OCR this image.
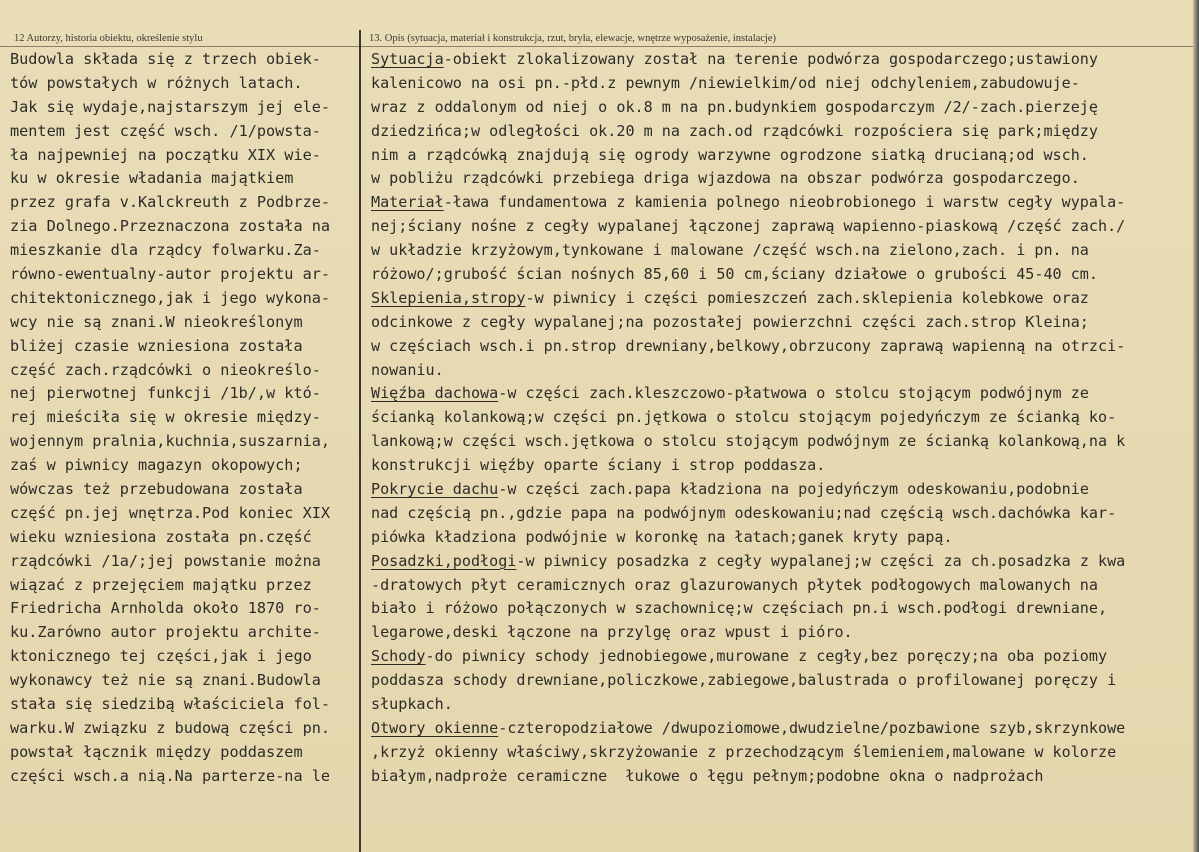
12 Autorzy, historia obiektu, określenie stylu	13. Opis (sytuacja, materiał i konstrukcja, rzut, bryła, elewacje, wnętrze wyposażenie, instalacje)
Budowla składa się z trzech obiek-
tów powstałych w różnych latach.
Jak się wydaje,najstarszym jej ele-
mentem jest część wsch. /1/powsta-
ła najpewniej na początku XIX wie-
ku w okresie władania majątkiem
przez grafa v.Kalckreuth z Podbrze-
zia Dolnego.Przeznaczona została na
mieszkanie dla rządcy folwarku.Za-
równo-ewentualny-autor projektu ar-
chitektonicznego,jak i jego wykona-
wcy nie są znani.W nieokreślonym
bliżej czasie wzniesiona została
część zach.rządcówki o nieokreślo-
nej pierwotnej funkcji /1b/,w któ-
rej mieściła się w okresie między-
wojennym pralnia,kuchnia,suszarnia,
zaś w piwnicy magazyn okopowych;
wówczas też przebudowana została
część pn.jej wnętrza.Pod koniec XIX
wieku wzniesiona została pn.część
rządcówki /1a/;jej powstanie można
wiązać z przejęciem majątku przez
Friedricha Arnholda około 1870 ro-
ku.Zarówno autor projektu archite-
ktonicznego tej części,jak i jego
wykonawcy też nie są znani.Budowla
stała się siedzibą właściciela fol-
warku.W związku z budową części pn.
powstał łącznik między poddaszem
części wsch.a nią.Na parterze-na le
Sytuacja-obiekt zlokalizowany został na terenie podwórza gospodarczego;ustawiony
kalenicowo na osi pn.-płd.z pewnym /niewielkim/od niej odchyleniem,zabudowuje-
wraz z oddalonym od niej o ok.8 m na pn.budynkiem gospodarczym /2/-zach.pierzeję
dziedzińca;w odległości ok.20 m na zach.od rządcówki rozpościera się park;między
nim a rządcówką znajdują się ogrody warzywne ogrodzone siatką drucianą;od wsch.
w pobliżu rządcówki przebiega driga wjazdowa na obszar podwórza gospodarczego.
Materiał-ława fundamentowa z kamienia polnego nieobrobionego i warstw cegły wypala-
nej;ściany nośne z cegły wypalanej łączonej zaprawą wapienno-piaskową /część zach./
w układzie krzyżowym,tynkowane i malowane /część wsch.na zielono,zach. i pn. na
różowo/;grubość ścian nośnych 85,60 i 50 cm,ściany działowe o grubości 45-40 cm.
Sklepienia,stropy-w piwnicy i części pomieszczeń zach.sklepienia kolebkowe oraz
odcinkowe z cegły wypalanej;na pozostałej powierzchni części zach.strop Kleina;
w częściach wsch.i pn.strop drewniany,belkowy,obrzucony zaprawą wapienną na otrzci-
nowaniu.
Więźba dachowa-w części zach.kleszczowo-płatwowa o stolcu stojącym podwójnym ze
ścianką kolankową;w części pn.jętkowa o stolcu stojącym pojedyńczym ze ścianką ko-
lankową;w części wsch.jętkowa o stolcu stojącym podwójnym ze ścianką kolankową,na k
konstrukcji więźby oparte ściany i strop poddasza.
Pokrycie dachu-w części zach.papa kładziona na pojedyńczym odeskowaniu,podobnie
nad częścią pn.,gdzie papa na podwójnym odeskowaniu;nad częścią wsch.dachówka kar-
piówka kładziona podwójnie w koronkę na łatach;ganek kryty papą.
Posadzki,podłogi-w piwnicy posadzka z cegły wypalanej;w części za ch.posadzka z kwa
-dratowych płyt ceramicznych oraz glazurowanych płytek podłogowych malowanych na
biało i różowo połączonych w szachownicę;w częściach pn.i wsch.podłogi drewniane,
legarowe,deski łączone na przylgę oraz wpust i pióro.
Schody-do piwnicy schody jednobiegowe,murowane z cegły,bez poręczy;na oba poziomy
poddasza schody drewniane,policzkowe,zabiegowe,balustrada o profilowanej poręczy i
słupkach.
Otwory okienne-czteropodziałowe /dwupoziomowe,dwudzielne/pozbawione szyb,skrzynkowe
,krzyż okienny właściwy,skrzyżowanie z przechodzącym ślemieniem,malowane w kolorze
białym,nadproże ceramiczne  łukowe o łęgu pełnym;podobne okna o nadprożach
